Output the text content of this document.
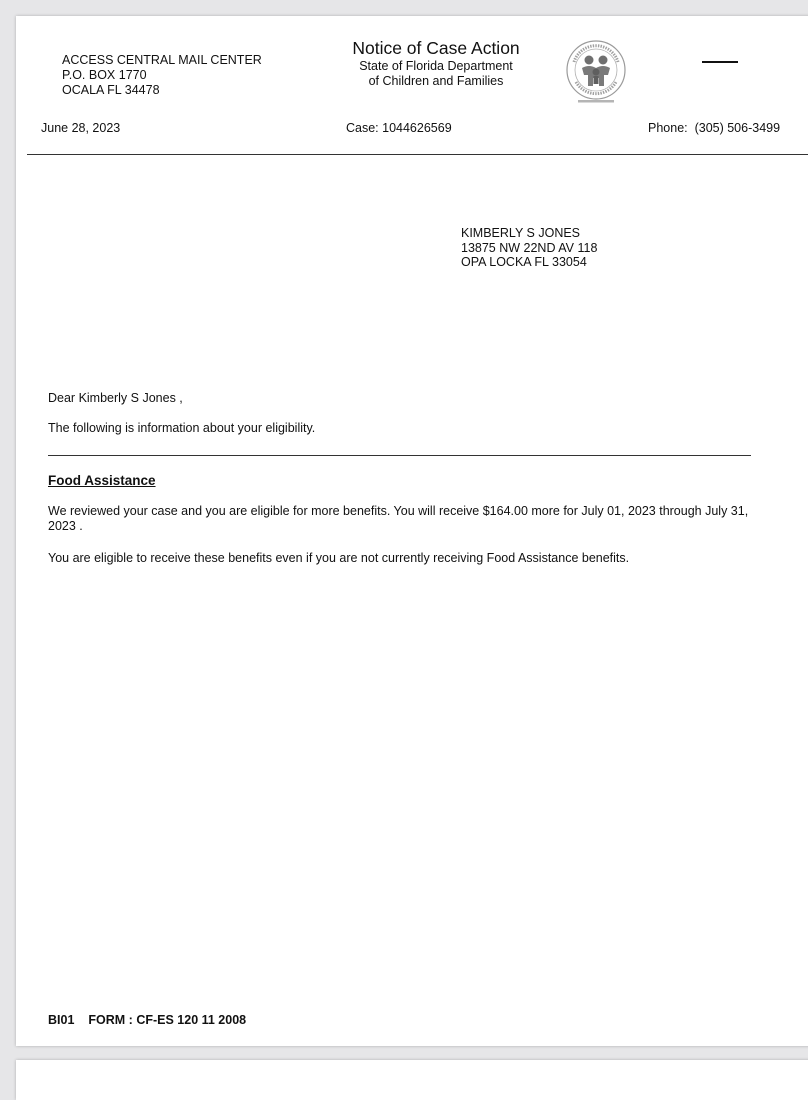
ACCESS CENTRAL MAIL CENTER
P.O. BOX 1770
OCALA FL 34478
Notice of Case Action
State of Florida Department
of Children and Families
June 28, 2023	Case: 1044626569	Phone: (305) 506-3499
KIMBERLY S JONES
13875 NW 22ND AV 118
OPA LOCKA FL 33054
Dear Kimberly S Jones ,
The following is information about your eligibility.
Food Assistance
We reviewed your case and you are eligible for more benefits. You will receive $164.00 more for July 01, 2023 through July 31, 2023 .
You are eligible to receive these benefits even if you are not currently receiving Food Assistance benefits.
BI01 FORM : CF-ES 120 11 2008
